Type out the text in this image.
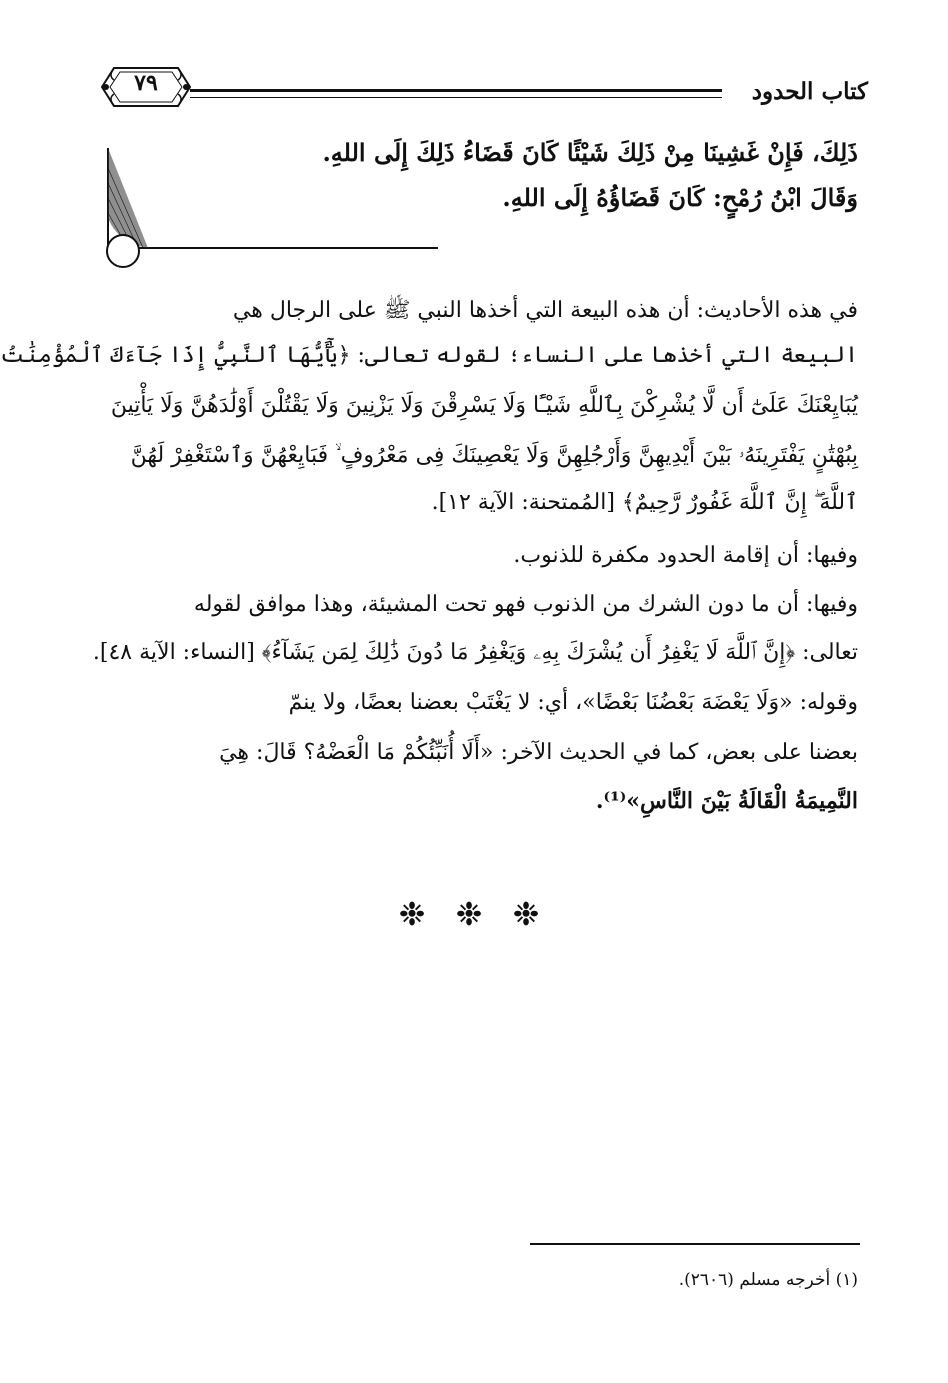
كتاب الحدود
٧٩

ذَلِكَ، فَإِنْ غَشِينَا مِنْ ذَلِكَ شَيْئًا كَانَ قَضَاءُ ذَلِكَ إِلَى اللهِ.

وَقَالَ ابْنُ رُمْحٍ: كَانَ قَضَاؤُهُ إِلَى اللهِ.

في هذه الأحاديث: أن هذه البيعة التي أخذها النبي ﷺ على الرجال هي

البيعة التي أخذها على النساء؛ لقوله تعالى: ﴿يَٰٓأَيُّهَا ٱلنَّبِيُّ إِذَا جَآءَكَ ٱلْمُؤْمِنَٰتُ

يُبَايِعْنَكَ عَلَىٰٓ أَن لَّا يُشْرِكْنَ بِٱللَّهِ شَيْـًٔا وَلَا يَسْرِقْنَ وَلَا يَزْنِينَ وَلَا يَقْتُلْنَ أَوْلَٰدَهُنَّ وَلَا يَأْتِينَ

بِبُهْتَٰنٍ يَفْتَرِينَهُۥ بَيْنَ أَيْدِيهِنَّ وَأَرْجُلِهِنَّ وَلَا يَعْصِينَكَ فِى مَعْرُوفٍ ۙ فَبَايِعْهُنَّ وَٱسْتَغْفِرْ لَهُنَّ

ٱللَّهَ ۖ إِنَّ ٱللَّهَ غَفُورٌ رَّحِيمٌ﴾ [المُمتحنة: الآية ١٢].

وفيها: أن إقامة الحدود مكفرة للذنوب.

وفيها: أن ما دون الشرك من الذنوب فهو تحت المشيئة، وهذا موافق لقوله

تعالى: ﴿إِنَّ ٱللَّهَ لَا يَغْفِرُ أَن يُشْرَكَ بِهِۦ وَيَغْفِرُ مَا دُونَ ذَٰلِكَ لِمَن يَشَآءُ﴾ [النساء: الآية ٤٨].

وقوله: «وَلَا يَعْضَهَ بَعْضُنَا بَعْضًا»، أي: لا يَغْتَبْ بعضنا بعضًا، ولا ينمّ

بعضنا على بعض، كما في الحديث الآخر: «أَلَا أُنَبِّئُكُمْ مَا الْعَضْهُ؟ قَالَ: هِيَ

النَّمِيمَةُ الْقَالَةُ بَيْنَ النَّاسِ»⁽¹⁾.

❉ ❉ ❉

(١) أخرجه مسلم (٢٦٠٦).
